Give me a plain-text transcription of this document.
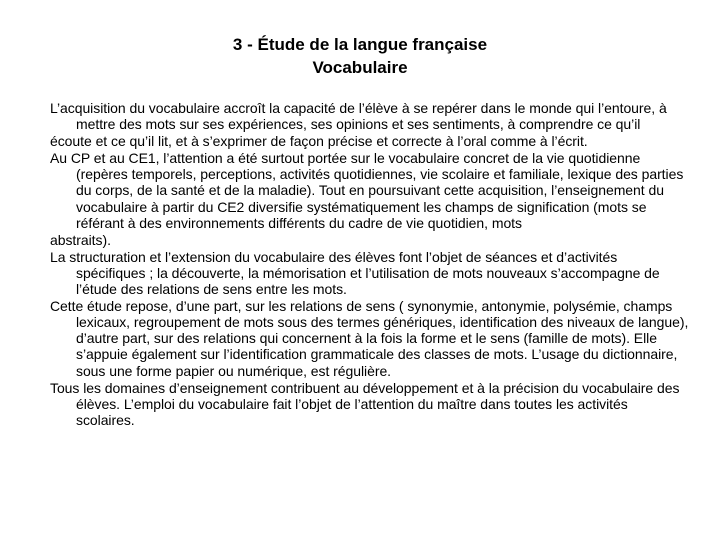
3 - Étude de la langue française
Vocabulaire

L’acquisition du vocabulaire accroît la capacité de l’élève à se repérer dans le monde qui l’entoure, à mettre des mots sur ses expériences, ses opinions et ses sentiments, à comprendre ce qu’il

écoute et ce qu’il lit, et à s’exprimer de façon précise et correcte à l’oral comme à l’écrit.

Au CP et au CE1, l’attention a été surtout portée sur le vocabulaire concret de la vie quotidienne (repères temporels, perceptions, activités quotidiennes, vie scolaire et familiale, lexique des parties du corps, de la santé et de la maladie). Tout en poursuivant cette acquisition, l’enseignement du vocabulaire à partir du CE2 diversifie systématiquement les champs de signification (mots se référant à des environnements différents du cadre de vie quotidien, mots

abstraits).

La structuration et l’extension du vocabulaire des élèves font l’objet de séances et d’activités spécifiques ; la découverte, la mémorisation et l’utilisation de mots nouveaux s’accompagne de l’étude des relations de sens entre les mots.

Cette étude repose, d’une part, sur les relations de sens ( synonymie, antonymie, polysémie, champs lexicaux, regroupement de mots sous des termes génériques, identification des niveaux de langue), d’autre part, sur des relations qui concernent à la fois la forme et le sens (famille de mots). Elle s’appuie également sur l’identification grammaticale des classes de mots. L’usage du dictionnaire, sous une forme papier ou numérique, est régulière.

Tous les domaines d’enseignement contribuent au développement et à la précision du vocabulaire des élèves. L’emploi du vocabulaire fait l’objet de l’attention du maître dans toutes les activités scolaires.
